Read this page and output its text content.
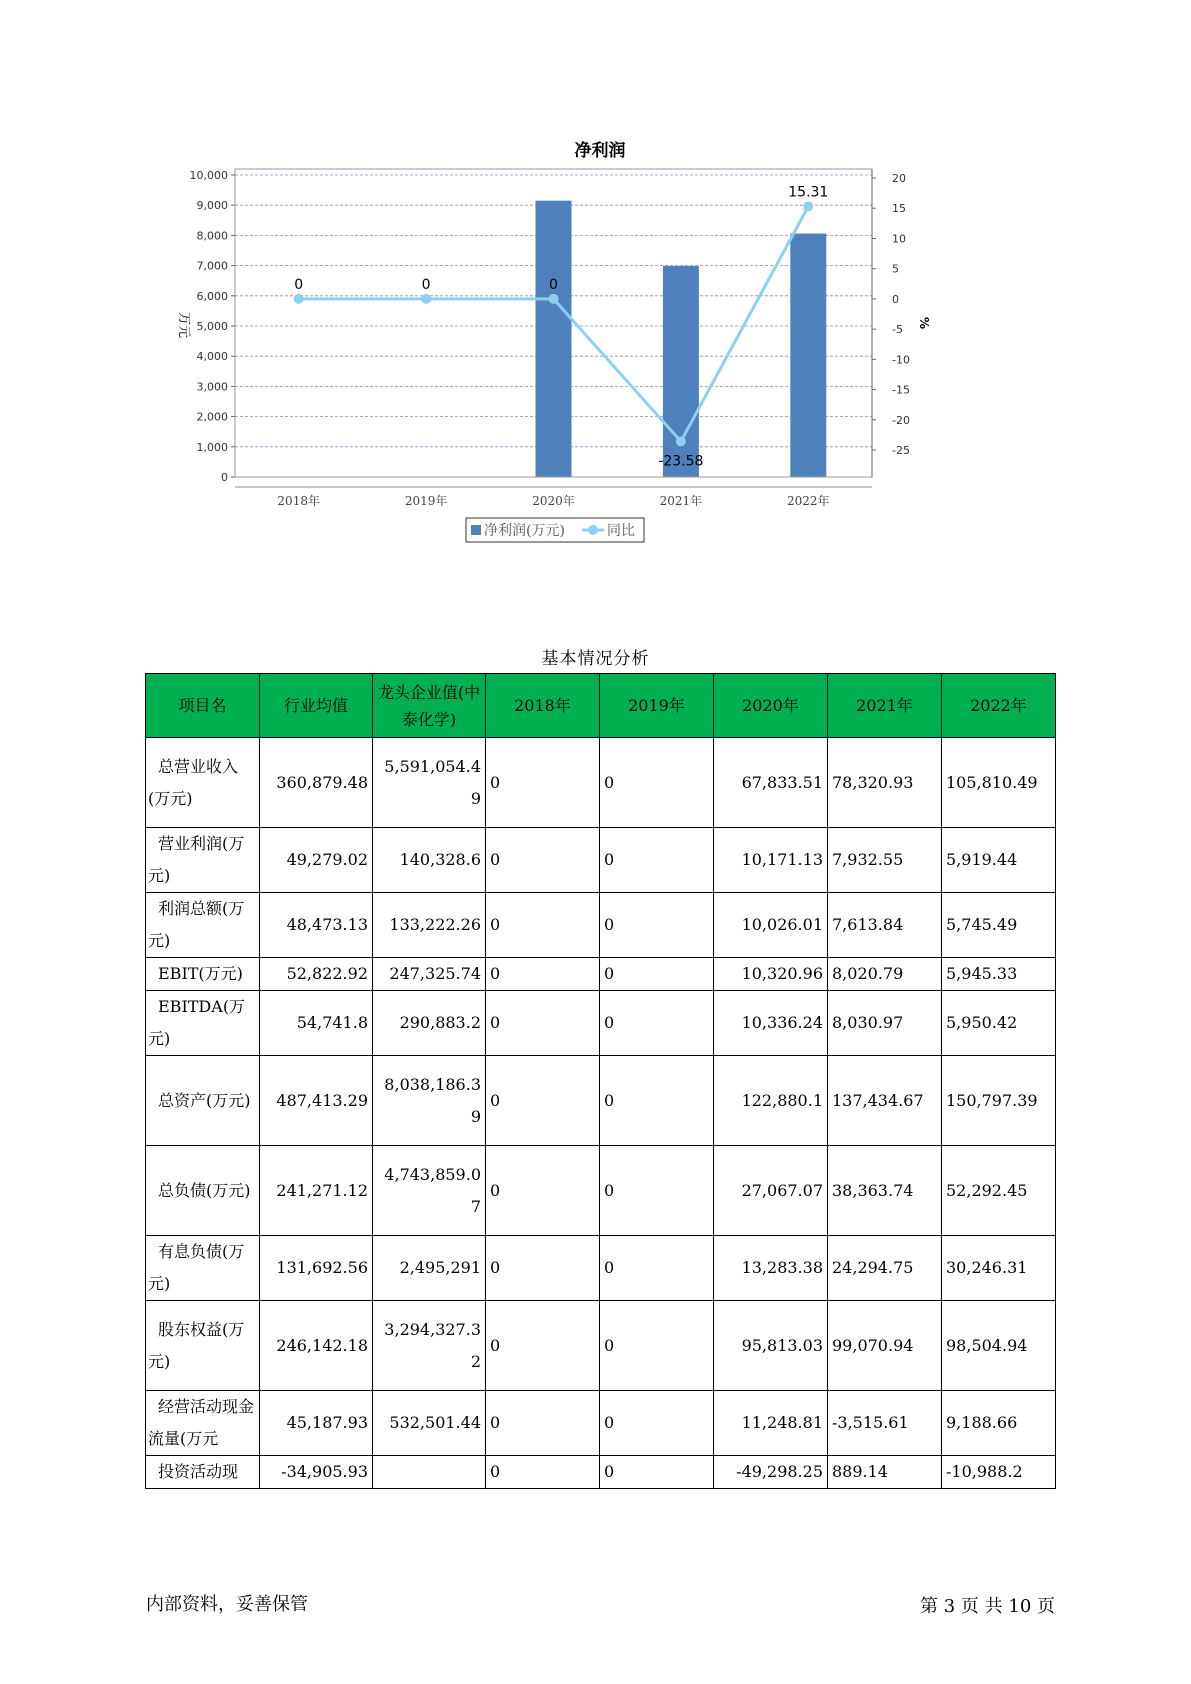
净利润
0
1,000
2,000
3,000
4,000
5,000
6,000
7,000
8,000
9,000
10,000
-25
-20
-15
-10
-5
0
5
10
15
20
2018年	2019年	2020年	2021年	2022年
0	0	0
-23.58
15.31
万元	%
净利润(万元)	同比
基本情况分析
项目名	行业均值	龙头企业值(中泰化学)	2018年	2019年	2020年	2021年	2022年
总营业收入(万元)	360,879.48	5,591,054.49	0	0	67,833.51	78,320.93	105,810.49
营业利润(万元)	49,279.02	140,328.6	0	0	10,171.13	7,932.55	5,919.44
利润总额(万元)	48,473.13	133,222.26	0	0	10,026.01	7,613.84	5,745.49
EBIT(万元)	52,822.92	247,325.74	0	0	10,320.96	8,020.79	5,945.33
EBITDA(万元)	54,741.8	290,883.2	0	0	10,336.24	8,030.97	5,950.42
总资产(万元)	487,413.29	8,038,186.39	0	0	122,880.1	137,434.67	150,797.39
总负债(万元)	241,271.12	4,743,859.07	0	0	27,067.07	38,363.74	52,292.45
有息负债(万元)	131,692.56	2,495,291	0	0	13,283.38	24,294.75	30,246.31
股东权益(万元)	246,142.18	3,294,327.32	0	0	95,813.03	99,070.94	98,504.94
经营活动现金流量(万元	45,187.93	532,501.44	0	0	11,248.81	-3,515.61	9,188.66
投资活动现	-34,905.93		0	0	-49,298.25	889.14	-10,988.2
内部资料，妥善保管	第 3 页 共 10 页
